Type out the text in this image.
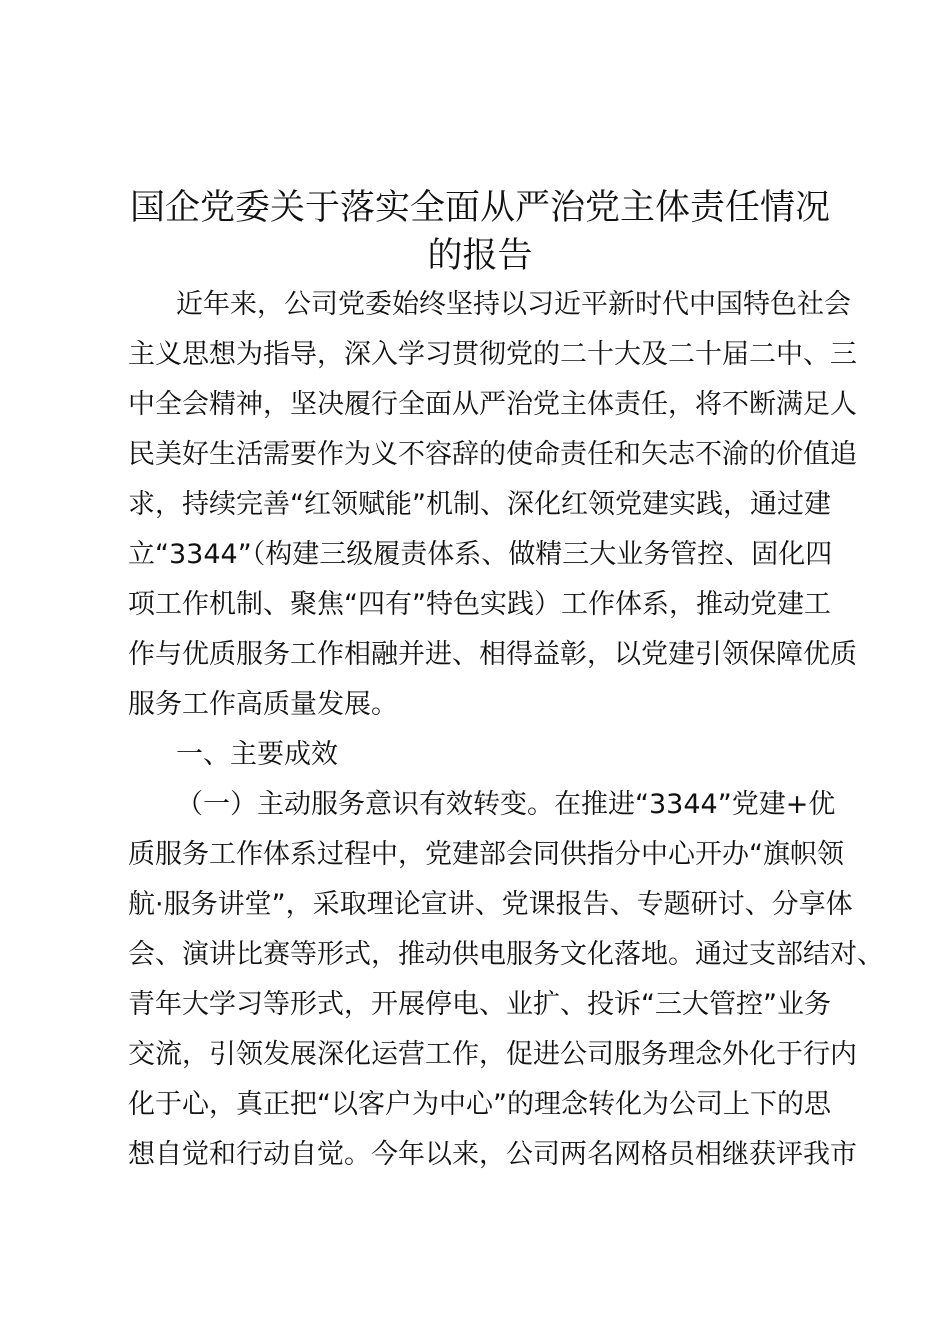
国企党委关于落实全面从严治党主体责任情况
的报告
近年来，公司党委始终坚持以习近平新时代中国特色社会
主义思想为指导，深入学习贯彻党的二十大及二十届二中、三
中全会精神，坚决履行全面从严治党主体责任，将不断满足人
民美好生活需要作为义不容辞的使命责任和矢志不渝的价值追
求，持续完善“红领赋能”机制、深化红领党建实践，通过建
立“3344”（构建三级履责体系、做精三大业务管控、固化四
项工作机制、聚焦“四有”特色实践）工作体系，推动党建工
作与优质服务工作相融并进、相得益彰，以党建引领保障优质
服务工作高质量发展。
一、主要成效
（一）主动服务意识有效转变。在推进“3344”党建+优
质服务工作体系过程中，党建部会同供指分中心开办“旗帜领
航·服务讲堂”，采取理论宣讲、党课报告、专题研讨、分享体
会、演讲比赛等形式，推动供电服务文化落地。通过支部结对、
青年大学习等形式，开展停电、业扩、投诉“三大管控”业务
交流，引领发展深化运营工作，促进公司服务理念外化于行内
化于心，真正把“以客户为中心”的理念转化为公司上下的思
想自觉和行动自觉。今年以来，公司两名网格员相继获评我市
